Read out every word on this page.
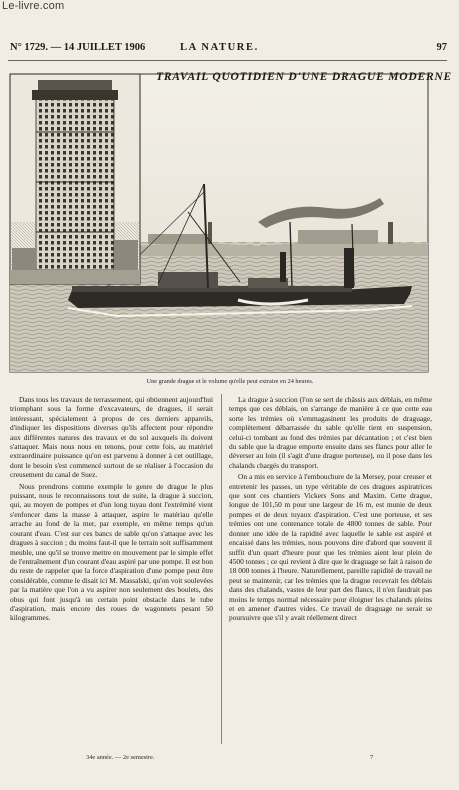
Le-livre.com
N° 1729. — 14 JUILLET 1906	LA NATURE.	97
TRAVAIL QUOTIDIEN D'UNE DRAGUE MODERNE
Une grande drague et le volume qu'elle peut extraire en 24 heures.

Dans tous les travaux de terrassement, qui obtiennent aujourd'hui triomphant sous la forme d'excavateurs, de dragues, il serait intéressant, spécialement à propos de ces derniers appareils, d'indiquer les dispositions diverses qu'ils affectent pour répondre aux différentes natures des travaux et du sol auxquels ils doivent s'attaquer. Mais nous nous en tenons, pour cette fois, au matériel extraordinaire puissance qu'on est parvenu à donner à cet outillage, dont le besoin s'est commencé surtout de se réaliser à l'occasion du creusement du canal de Suez.

Nous prendrons comme exemple le genre de drague le plus puissant, nous le reconnaissons tout de suite, la drague à succion, qui, au moyen de pompes et d'un long tuyau dont l'extrémité vient s'enfoncer dans la masse à attaquer, aspire le matériau qu'elle arrache au fond de la mer, par exemple, en même temps qu'un courant d'eau. C'est sur ces bancs de sable qu'on s'attaque avec les dragues à succion ; du moins faut-il que le terrain soit suffisamment meuble, une qu'il se trouve mettre en mouvement par le simple effet de l'entraînement d'un courant d'eau aspiré par une pompe. Il est bon du reste de rappeler que la force d'aspiration d'une pompe peut être considérable, comme le disait ici M. Massalski, qu'on voit soulevées par la matière que l'on a vu aspirer non seulement des boulets, des obus qui font jusqu'à un certain point obstacle dans le tube d'aspiration, mais encore des roues de wagonnets pesant 50 kilogrammes.

La drague à succion (l'on se sert de châssis aux déblais, en même temps que ces déblais, on s'arrange de manière à ce que cette eau sorte les trémies où s'emmagasinent les produits de draguage, complètement débarrassée du sable qu'elle tient en suspension, celui-ci tombant au fond des trémies par décantation ; et c'est bien du sable que la drague emporte ensuite dans ses flancs pour aller le déverser au loin (il s'agit d'une drague porteuse), ou il pose dans les chalands chargés du transport.

On a mis en service à l'embouchure de la Mersey, pour creuser et entretenir les passes, un type véritable de ces dragues aspiratrices que sont ces chantiers Vickers Sons and Maxim. Cette drague, longue de 101,50 m pour une largeur de 16 m, est munie de deux pompes et de deux tuyaux d'aspiration. C'est une porteuse, et ses trémies ont une contenance totale de 4800 tonnes de sable. Pour donner une idée de la rapidité avec laquelle le sable est aspiré et encaissé dans les trémies, nous pouvons dire d'abord que souvent il suffit d'un quart d'heure pour que les trémies aient leur plein de 4500 tonnes ; ce qui revient à dire que le draguage se fait à raison de 18 000 tonnes à l'heure. Naturellement, pareille rapidité de travail ne peut se maintenir, car les trémies que la drague recevrait les déblais dans des chalands, vastes de leur part des flancs, il n'en faudrait pas moins le temps normal nécessaire pour éloigner les chalands pleins et en amener d'autres vides. Ce travail de draguage ne serait se poursuivre que s'il y avait réellement direct

34e année. — 2e semestre.	7
